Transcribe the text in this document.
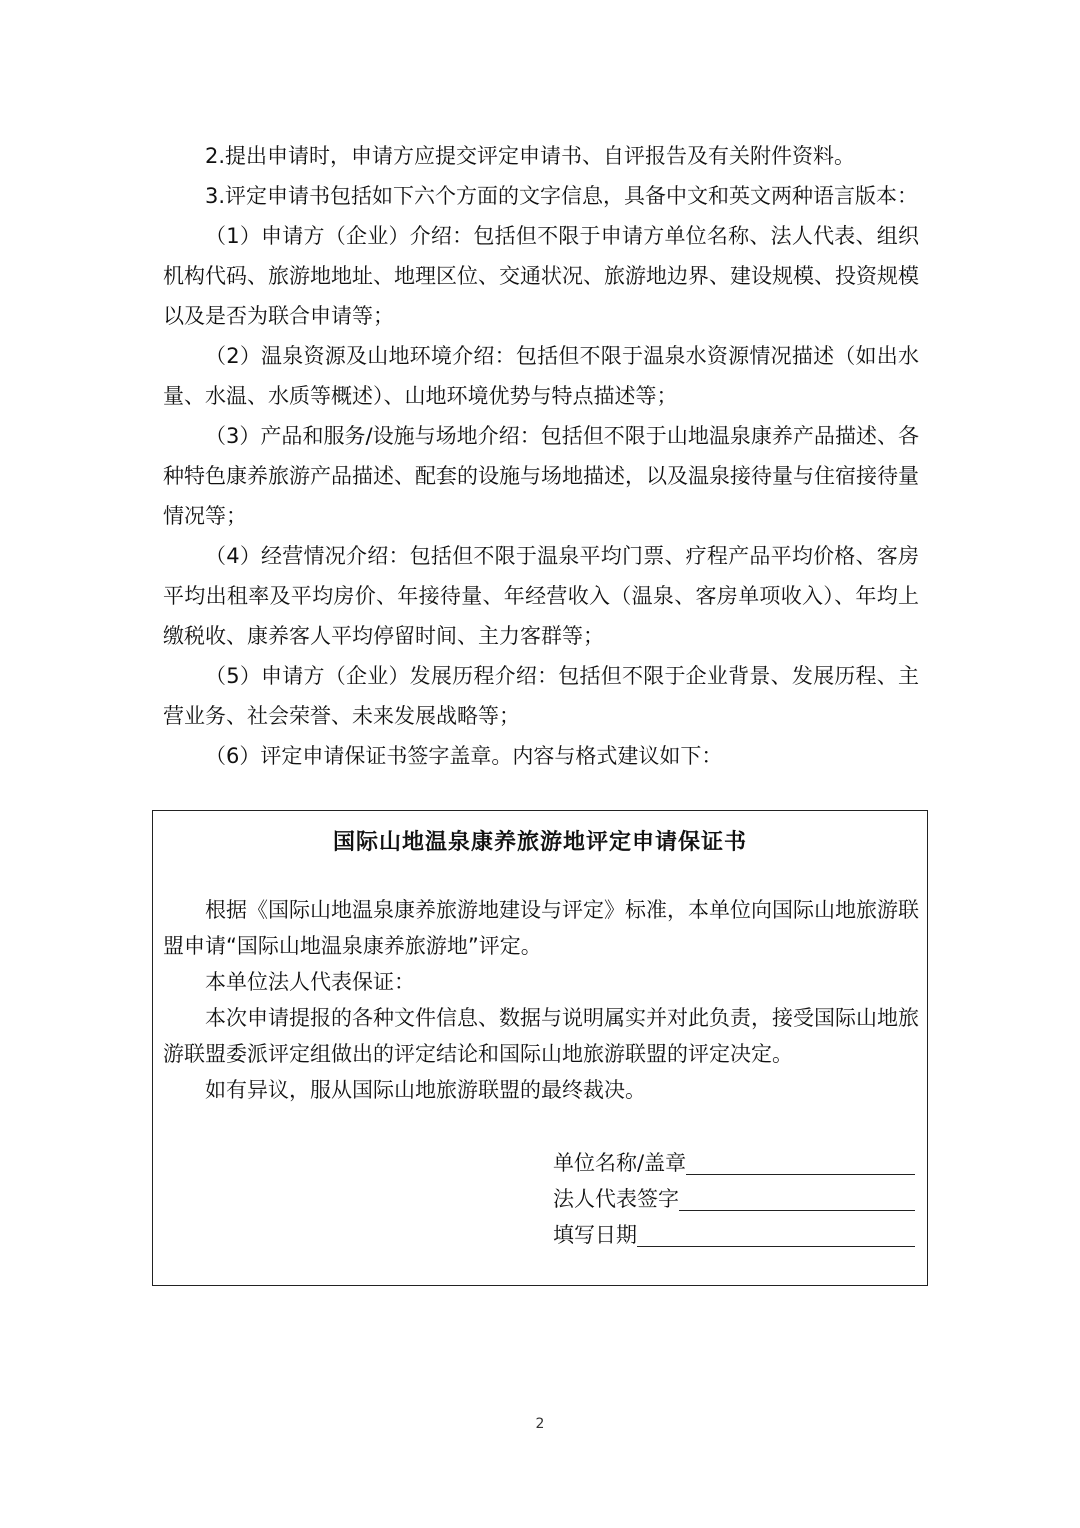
2.提出申请时，申请方应提交评定申请书、自评报告及有关附件资料。

3.评定申请书包括如下六个方面的文字信息，具备中文和英文两种语言版本：

（1）申请方（企业）介绍：包括但不限于申请方单位名称、法人代表、组织机构代码、旅游地地址、地理区位、交通状况、旅游地边界、建设规模、投资规模以及是否为联合申请等；

（2）温泉资源及山地环境介绍：包括但不限于温泉水资源情况描述（如出水量、水温、水质等概述）、山地环境优势与特点描述等；

（3）产品和服务/设施与场地介绍：包括但不限于山地温泉康养产品描述、各种特色康养旅游产品描述、配套的设施与场地描述，以及温泉接待量与住宿接待量情况等；

（4）经营情况介绍：包括但不限于温泉平均门票、疗程产品平均价格、客房平均出租率及平均房价、年接待量、年经营收入（温泉、客房单项收入）、年均上缴税收、康养客人平均停留时间、主力客群等；

（5）申请方（企业）发展历程介绍：包括但不限于企业背景、发展历程、主营业务、社会荣誉、未来发展战略等；

（6）评定申请保证书签字盖章。内容与格式建议如下：

国际山地温泉康养旅游地评定申请保证书

根据《国际山地温泉康养旅游地建设与评定》标准，本单位向国际山地旅游联盟申请“国际山地温泉康养旅游地”评定。

本单位法人代表保证：

本次申请提报的各种文件信息、数据与说明属实并对此负责，接受国际山地旅游联盟委派评定组做出的评定结论和国际山地旅游联盟的评定决定。

如有异议，服从国际山地旅游联盟的最终裁决。

单位名称/盖章
法人代表签字
填写日期
2
